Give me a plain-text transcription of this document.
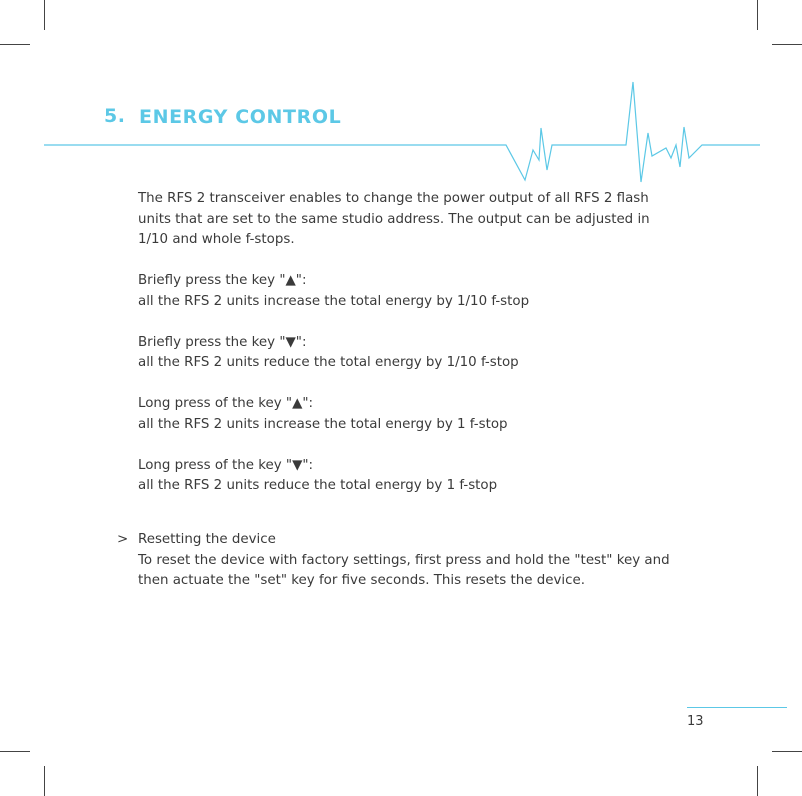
5. ENERGY CONTROL

The RFS 2 transceiver enables to change the power output of all RFS 2 flash units that are set to the same studio address. The output can be adjusted in 1/10 and whole f-stops.

Briefly press the key "▲":

all the RFS 2 units increase the total energy by 1/10 f-stop

Briefly press the key "▼":

all the RFS 2 units reduce the total energy by 1/10 f-stop

Long press of the key "▲":

all the RFS 2 units increase the total energy by 1 f-stop

Long press of the key "▼":

all the RFS 2 units reduce the total energy by 1 f-stop

> Resetting the device

To reset the device with factory settings, first press and hold the "test" key and then actuate the "set" key for five seconds. This resets the device.

13
